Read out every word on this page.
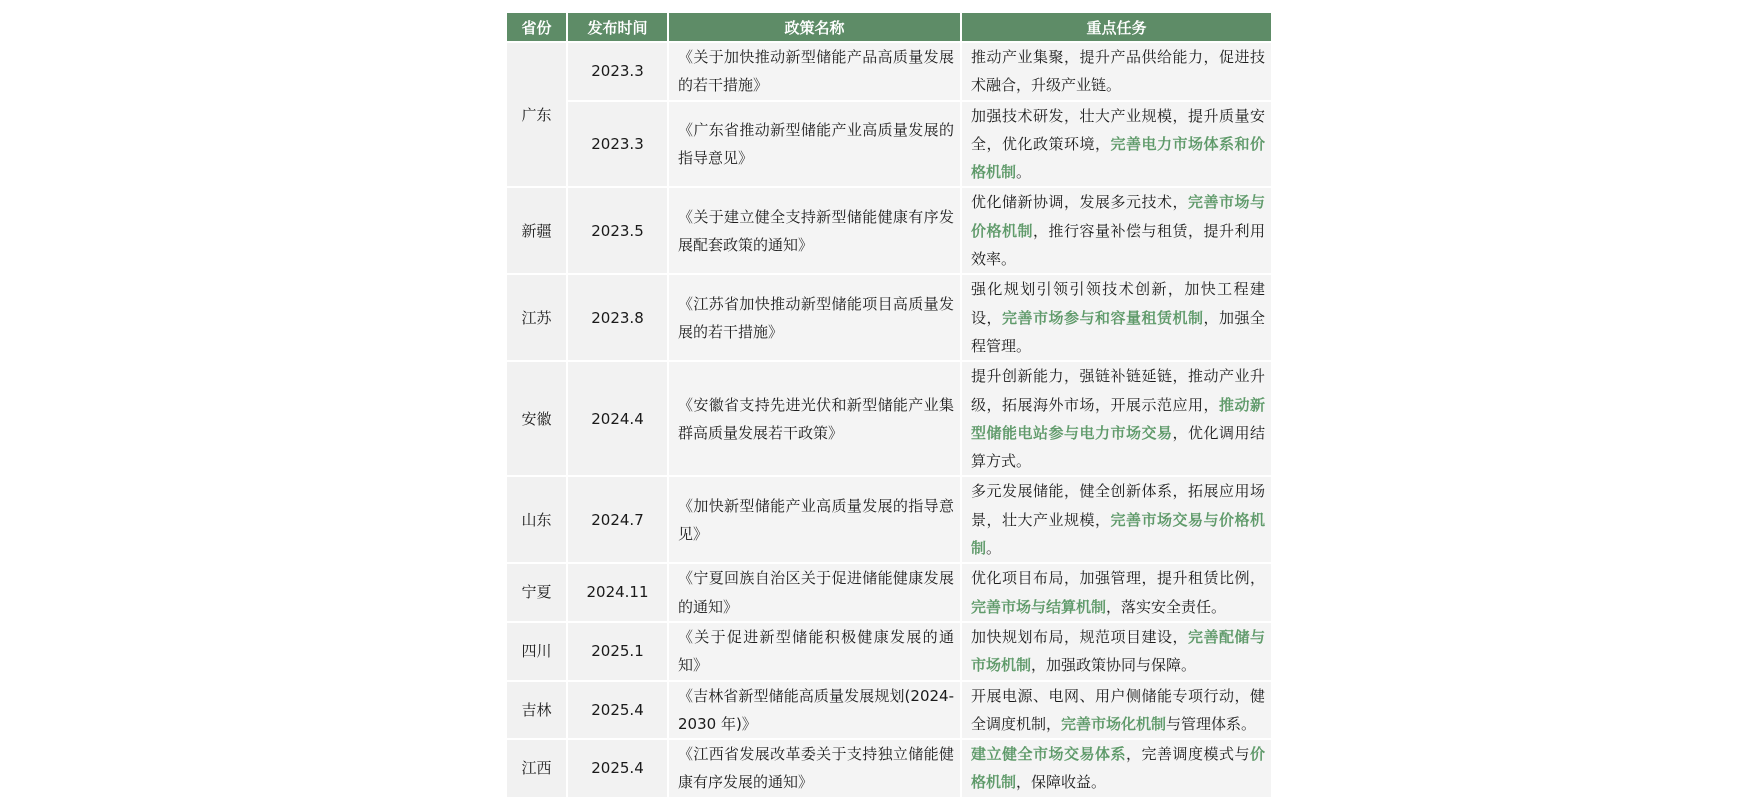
省份	发布时间	政策名称	重点任务
广东	2023.3	《关于加快推动新型储能产品高质量发展的若干措施》	推动产业集聚，提升产品供给能力，促进技术融合，升级产业链。
	2023.3	《广东省推动新型储能产业高质量发展的指导意见》	加强技术研发，壮大产业规模，提升质量安全，优化政策环境，完善电力市场体系和价格机制。
新疆	2023.5	《关于建立健全支持新型储能健康有序发展配套政策的通知》	优化储新协调，发展多元技术，完善市场与价格机制，推行容量补偿与租赁，提升利用效率。
江苏	2023.8	《江苏省加快推动新型储能项目高质量发展的若干措施》	强化规划引领引领技术创新，加快工程建设，完善市场参与和容量租赁机制，加强全程管理。
安徽	2024.4	《安徽省支持先进光伏和新型储能产业集群高质量发展若干政策》	提升创新能力，强链补链延链，推动产业升级，拓展海外市场，开展示范应用，推动新型储能电站参与电力市场交易，优化调用结算方式。
山东	2024.7	《加快新型储能产业高质量发展的指导意见》	多元发展储能，健全创新体系，拓展应用场景，壮大产业规模，完善市场交易与价格机制。
宁夏	2024.11	《宁夏回族自治区关于促进储能健康发展的通知》	优化项目布局，加强管理，提升租赁比例，完善市场与结算机制，落实安全责任。
四川	2025.1	《关于促进新型储能积极健康发展的通知》	加快规划布局，规范项目建设，完善配储与市场机制，加强政策协同与保障。
吉林	2025.4	《吉林省新型储能高质量发展规划(2024-2030 年)》	开展电源、电网、用户侧储能专项行动，健全调度机制，完善市场化机制与管理体系。
江西	2025.4	《江西省发展改革委关于支持独立储能健康有序发展的通知》	建立健全市场交易体系，完善调度模式与价格机制，保障收益。
